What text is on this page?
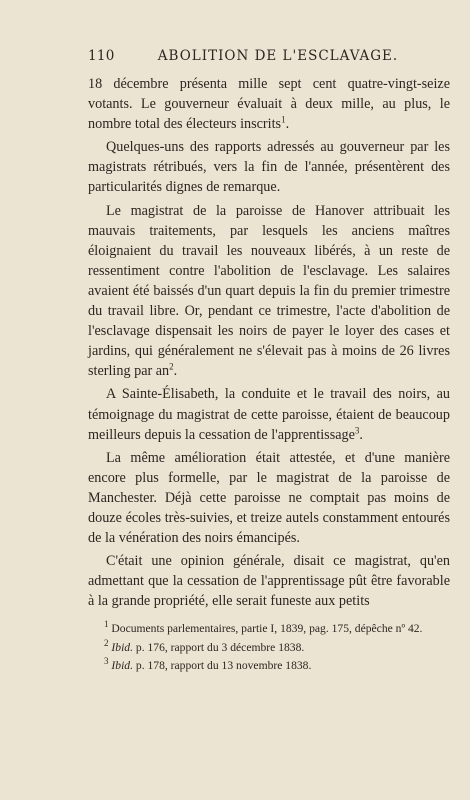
110	ABOLITION DE L'ESCLAVAGE.

18 décembre présenta mille sept cent quatre-vingt-seize votants. Le gouverneur évaluait à deux mille, au plus, le nombre total des électeurs inscrits$^1$.

Quelques-uns des rapports adressés au gouverneur par les magistrats rétribués, vers la fin de l'année, présentèrent des particularités dignes de remarque.

Le magistrat de la paroisse de Hanover attribuait les mauvais traitements, par lesquels les anciens maîtres éloignaient du travail les nouveaux libérés, à un reste de ressentiment contre l'abolition de l'esclavage. Les salaires avaient été baissés d'un quart depuis la fin du premier trimestre du travail libre. Or, pendant ce trimestre, l'acte d'abolition de l'esclavage dispensait les noirs de payer le loyer des cases et jardins, qui généralement ne s'élevait pas à moins de 26 livres sterling par $an^2$.

A Sainte-Élisabeth, la conduite et le travail des noirs, au témoignage du magistrat de cette paroisse, étaient de beaucoup meilleurs depuis la cessation de l'apprentissage$^3$.

La même amélioration était attestée, et d'une manière encore plus formelle, par le magistrat de la paroisse de Manchester. Déjà cette paroisse ne comptait pas moins de douze écoles très-suivies, et treize autels constamment entourés de la vénération des noirs émancipés.

C'était une opinion générale, disait ce magistrat, qu'en admettant que la cessation de l'apprentissage pût être favorable à la grande propriété, elle serait funeste aux petits

$^1$ Documents parlementaires, partie I, 1839, pag. 175, dépêche nº 42.

$^2$ Ibid. p. 176, rapport du 3 décembre 1838.

$^3$ Ibid. p. 178, rapport du 13 novembre 1838.
